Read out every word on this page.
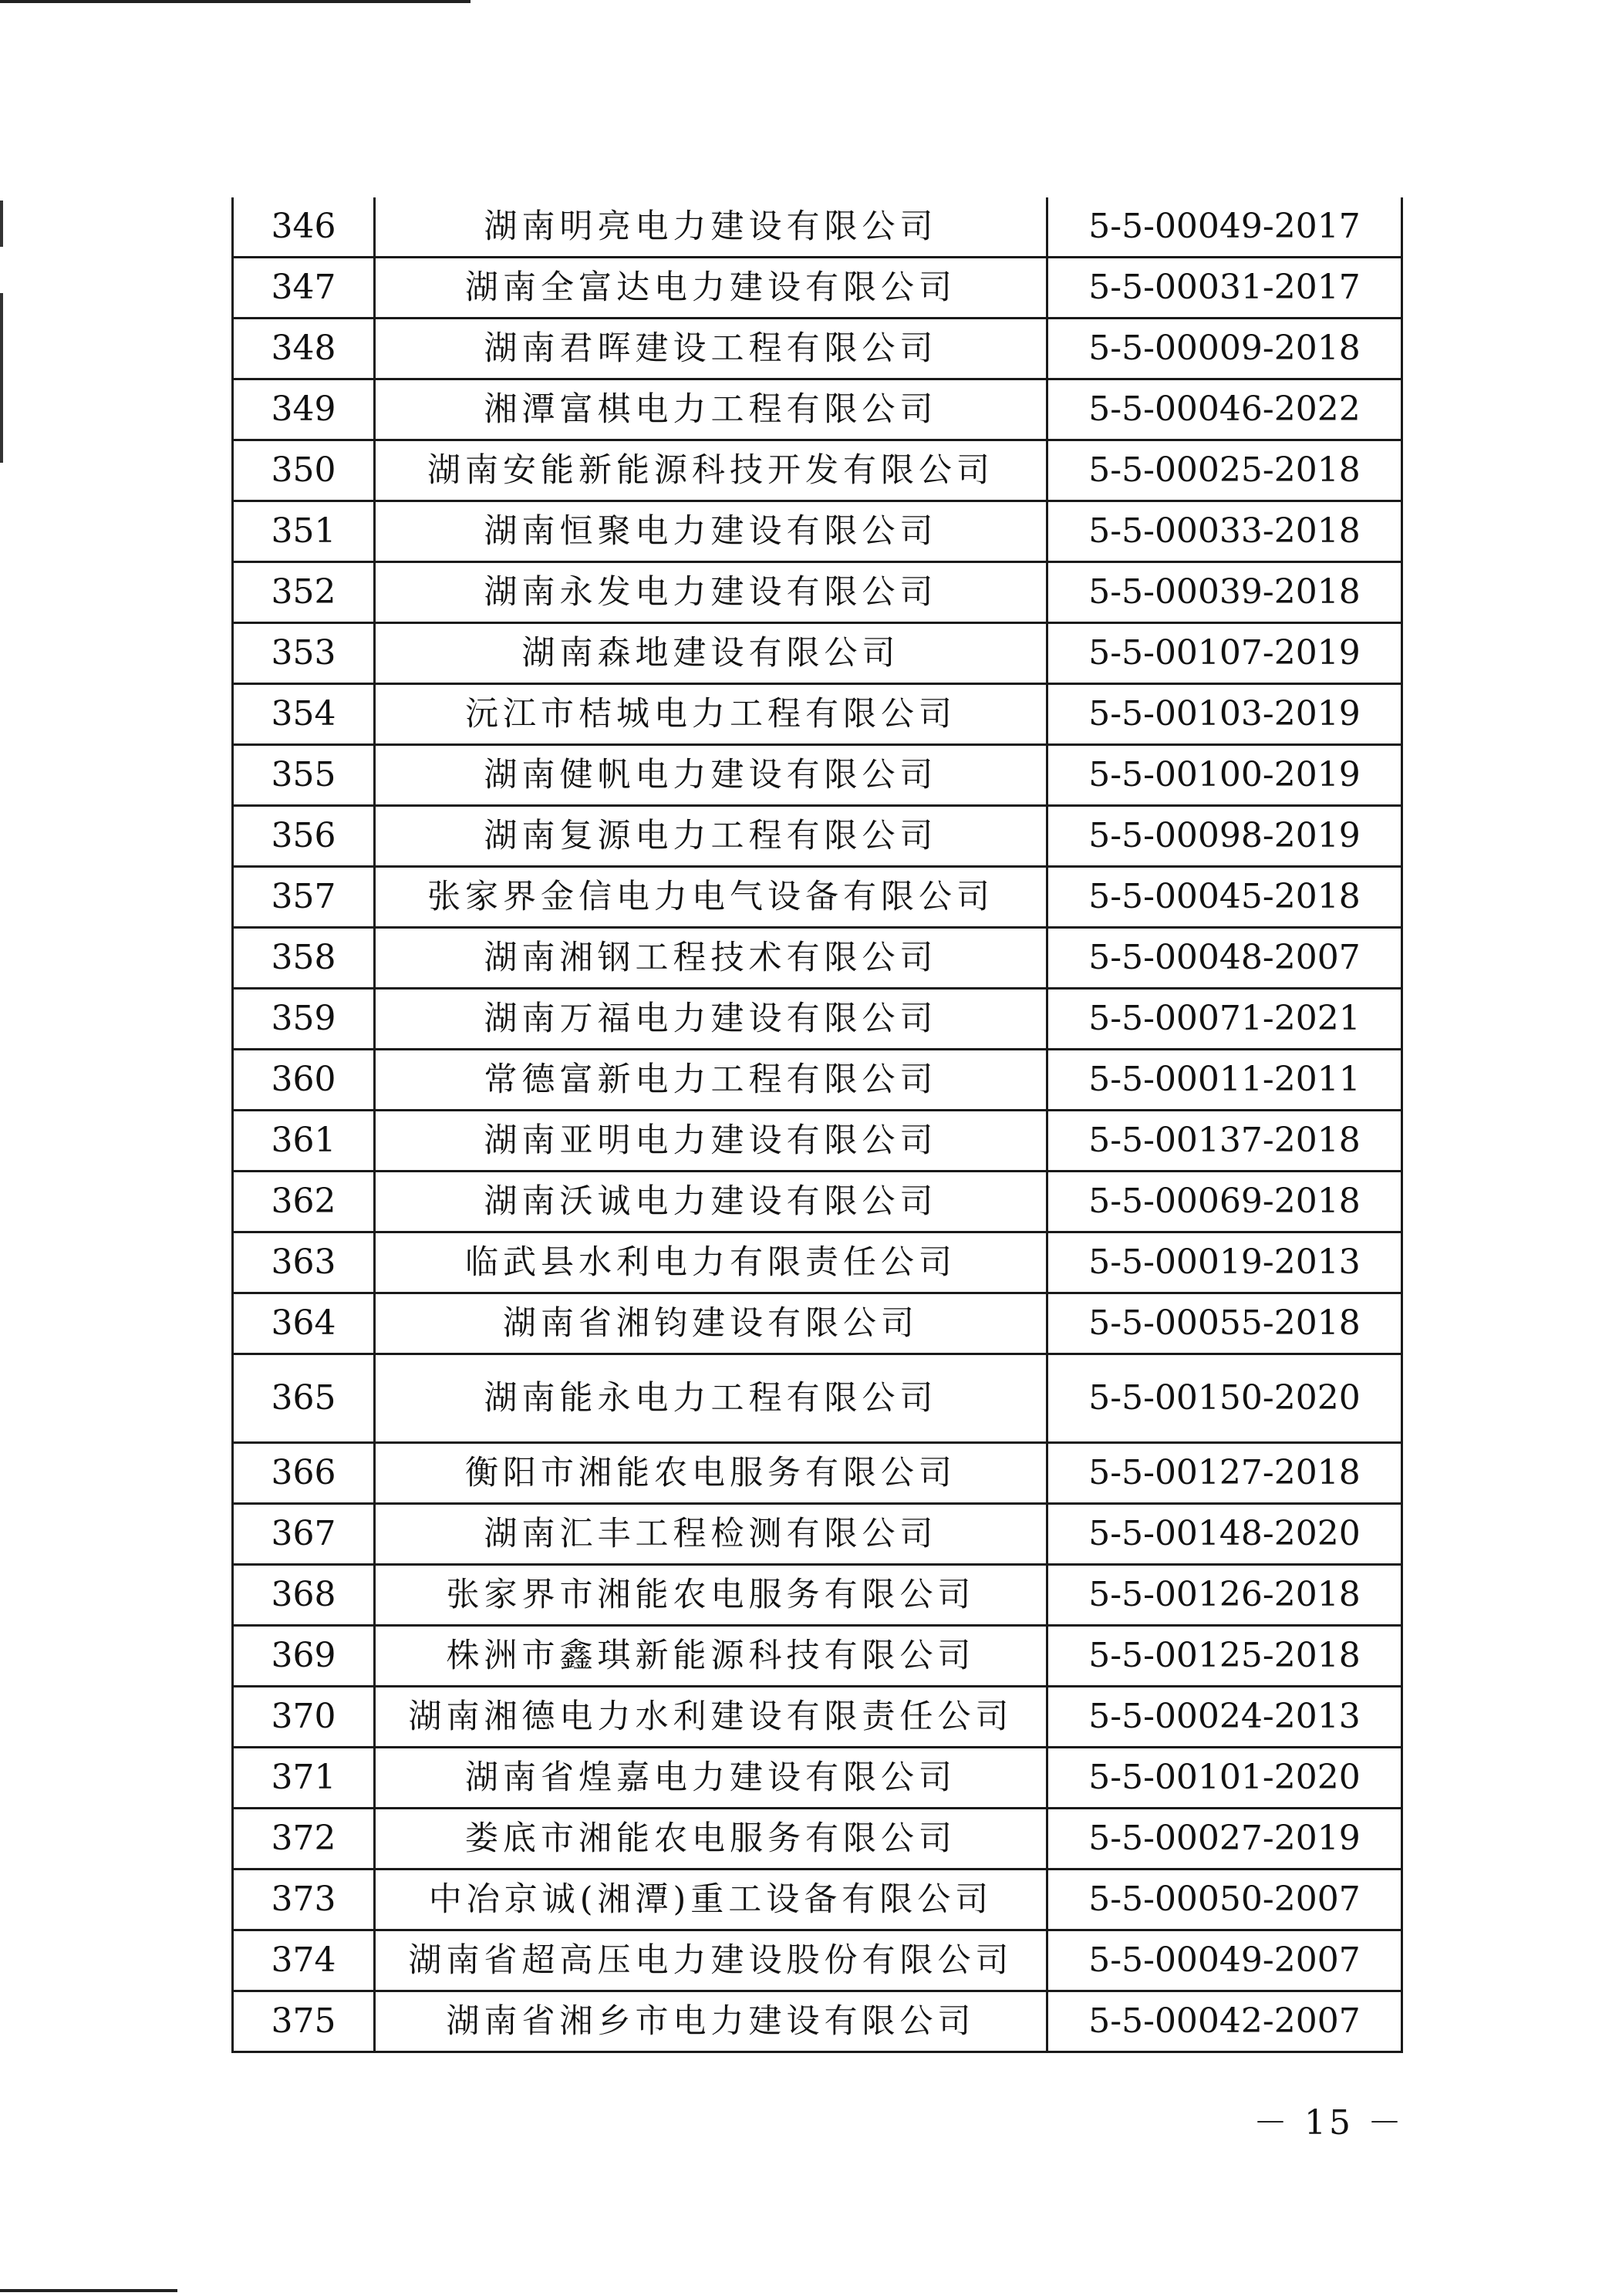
346	湖南明亮电力建设有限公司	5-5-00049-2017
347	湖南全富达电力建设有限公司	5-5-00031-2017
348	湖南君晖建设工程有限公司	5-5-00009-2018
349	湘潭富棋电力工程有限公司	5-5-00046-2022
350	湖南安能新能源科技开发有限公司	5-5-00025-2018
351	湖南恒聚电力建设有限公司	5-5-00033-2018
352	湖南永发电力建设有限公司	5-5-00039-2018
353	湖南森地建设有限公司	5-5-00107-2019
354	沅江市桔城电力工程有限公司	5-5-00103-2019
355	湖南健帆电力建设有限公司	5-5-00100-2019
356	湖南复源电力工程有限公司	5-5-00098-2019
357	张家界金信电力电气设备有限公司	5-5-00045-2018
358	湖南湘钢工程技术有限公司	5-5-00048-2007
359	湖南万福电力建设有限公司	5-5-00071-2021
360	常德富新电力工程有限公司	5-5-00011-2011
361	湖南亚明电力建设有限公司	5-5-00137-2018
362	湖南沃诚电力建设有限公司	5-5-00069-2018
363	临武县水利电力有限责任公司	5-5-00019-2013
364	湖南省湘钧建设有限公司	5-5-00055-2018
365	湖南能永电力工程有限公司	5-5-00150-2020
366	衡阳市湘能农电服务有限公司	5-5-00127-2018
367	湖南汇丰工程检测有限公司	5-5-00148-2020
368	张家界市湘能农电服务有限公司	5-5-00126-2018
369	株洲市鑫琪新能源科技有限公司	5-5-00125-2018
370	湖南湘德电力水利建设有限责任公司	5-5-00024-2013
371	湖南省煌嘉电力建设有限公司	5-5-00101-2020
372	娄底市湘能农电服务有限公司	5-5-00027-2019
373	中冶京诚(湘潭)重工设备有限公司	5-5-00050-2007
374	湖南省超高压电力建设股份有限公司	5-5-00049-2007
375	湖南省湘乡市电力建设有限公司	5-5-00042-2007
－ 15 －
